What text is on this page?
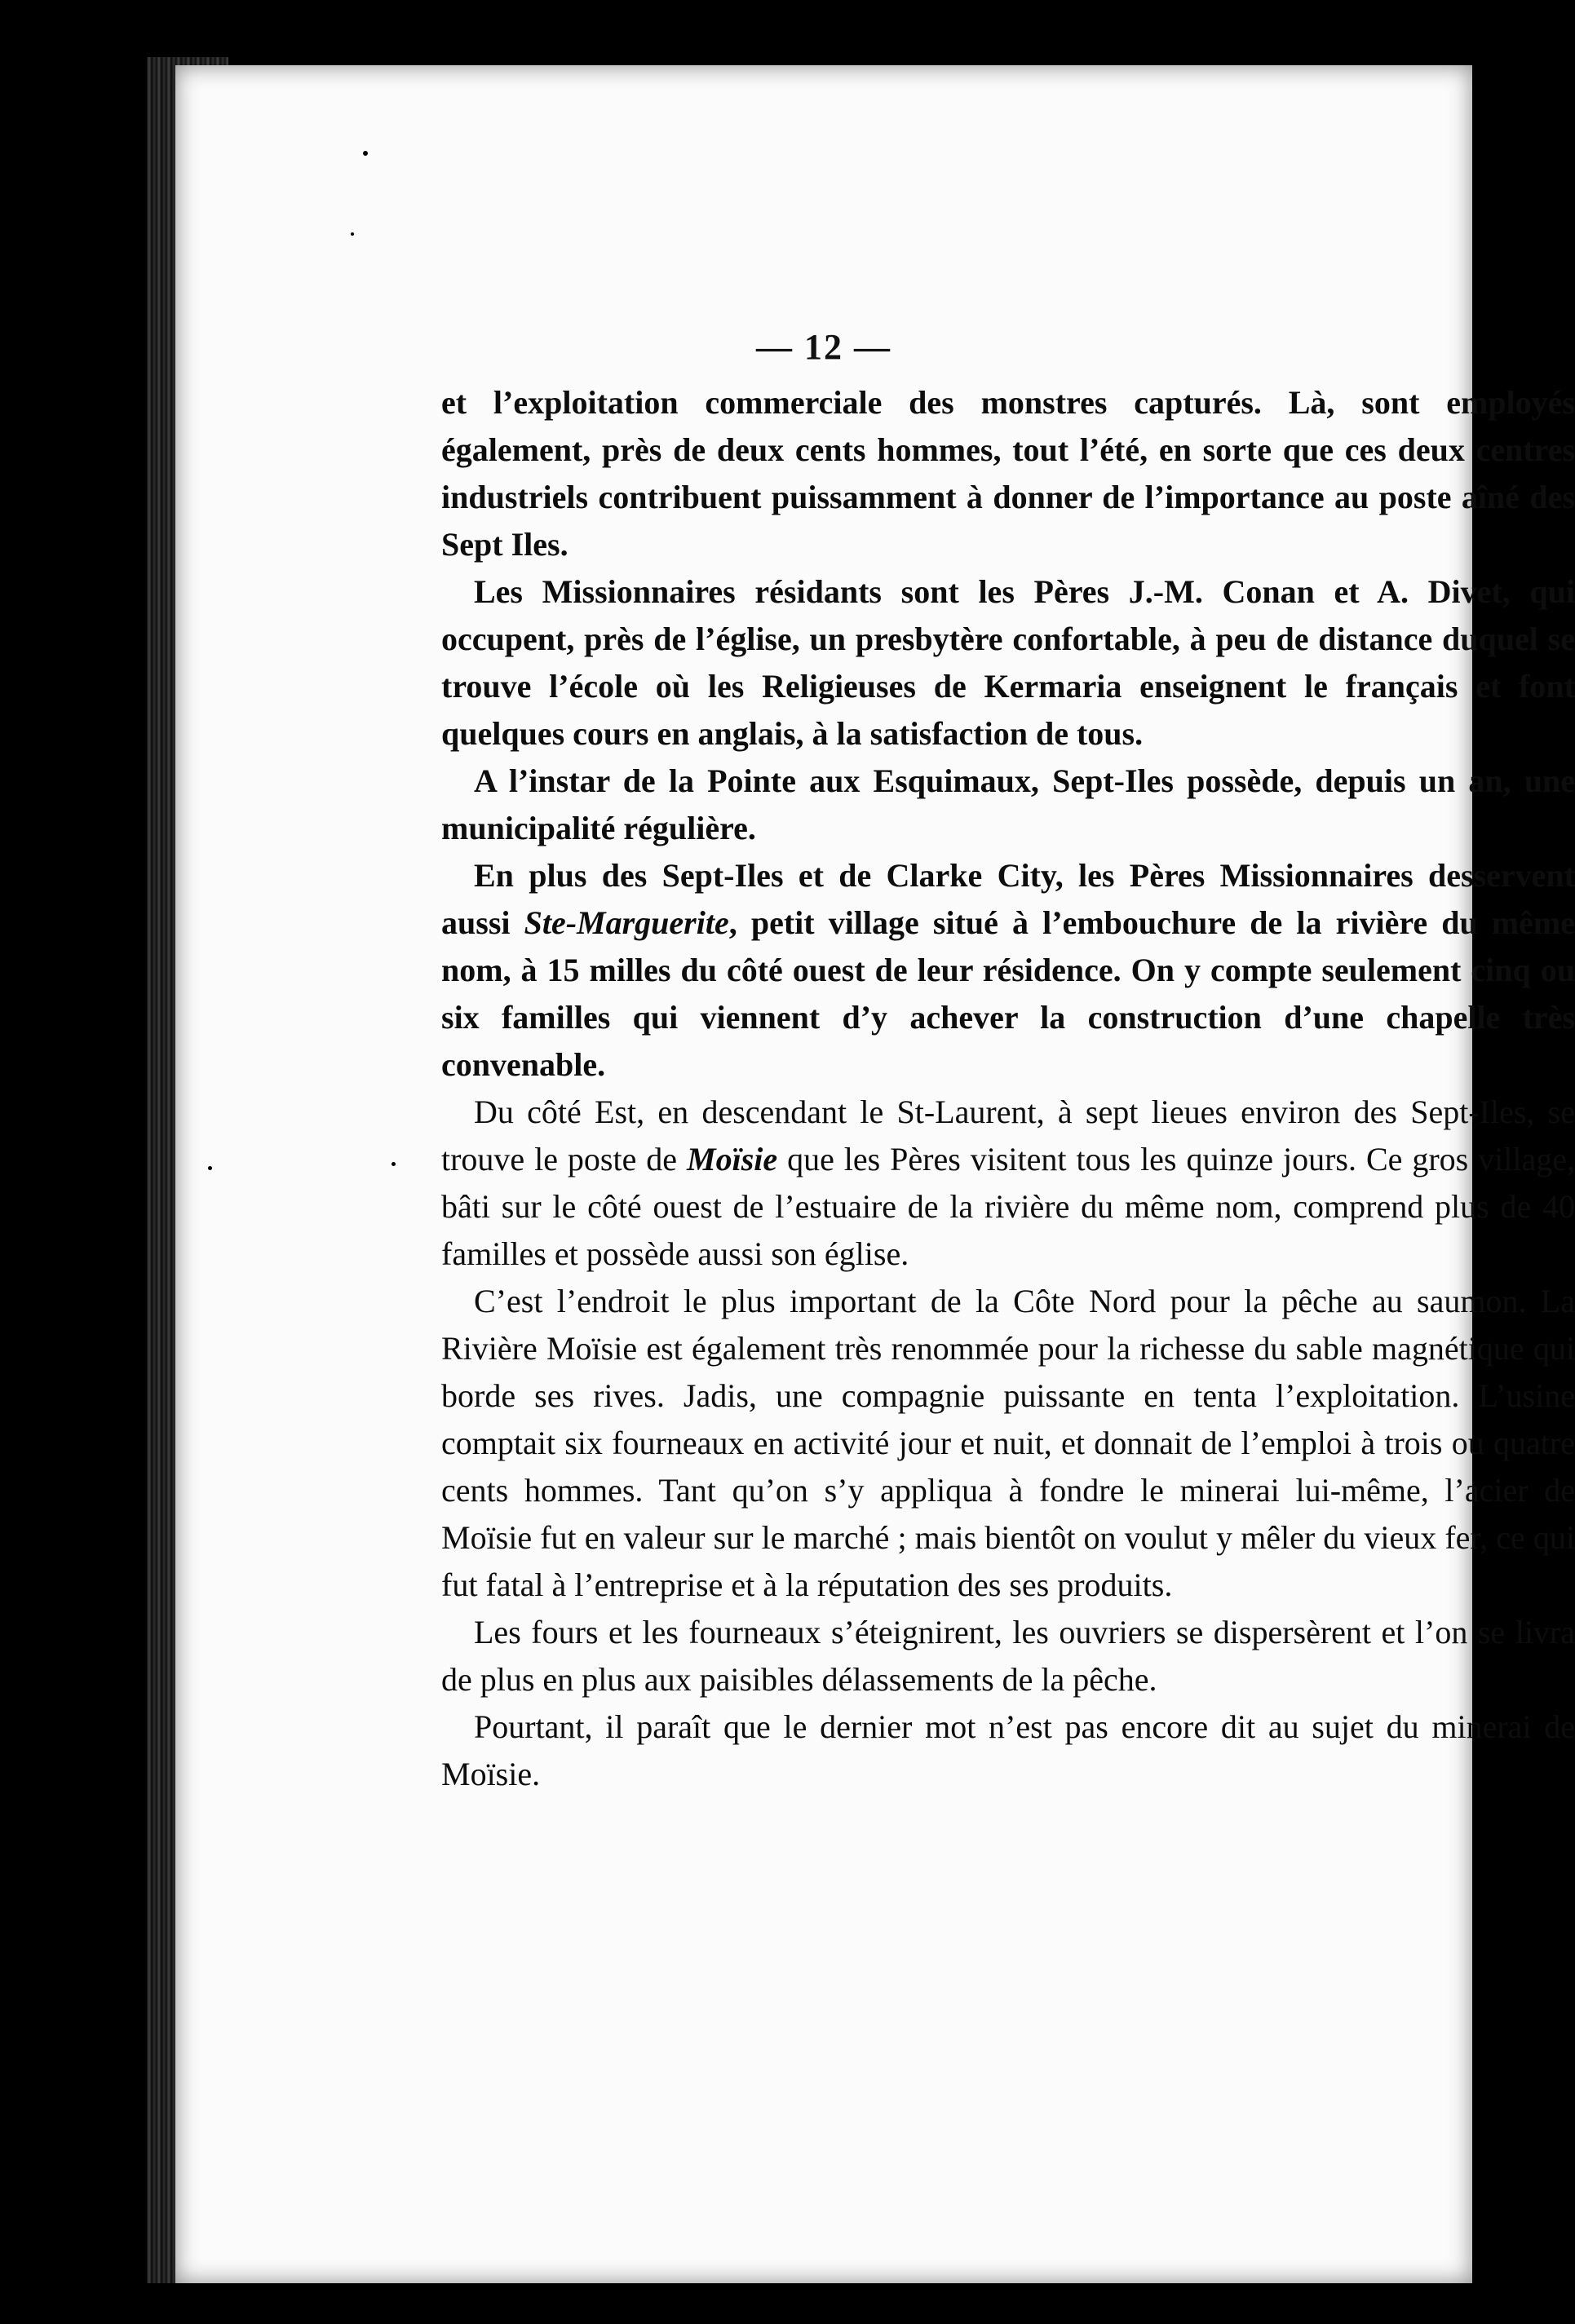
— 12 —

et l’exploitation commerciale des monstres capturés. Là, sont employés également, près de deux cents hommes, tout l’été, en sorte que ces deux centres industriels contribuent puissamment à donner de l’importance au poste aîné des Sept Iles.

Les Missionnaires résidants sont les Pères J.-M. Conan et A. Divet, qui occupent, près de l’église, un presbytère confortable, à peu de distance duquel se trouve l’école où les Religieuses de Kermaria enseignent le français et font quelques cours en anglais, à la satisfaction de tous.

A l’instar de la Pointe aux Esquimaux, Sept-Iles possède, depuis un an, une municipalité régulière.

En plus des Sept-Iles et de Clarke City, les Pères Missionnaires desservent aussi Ste-Marguerite, petit village situé à l’embouchure de la rivière du même nom, à 15 milles du côté ouest de leur résidence. On y compte seulement cinq ou six familles qui viennent d’y achever la construction d’une chapelle très convenable.

Du côté Est, en descendant le St-Laurent, à sept lieues environ des Sept-Iles, se trouve le poste de Moïsie que les Pères visitent tous les quinze jours. Ce gros village, bâti sur le côté ouest de l’estuaire de la rivière du même nom, comprend plus de 40 familles et possède aussi son église.

C’est l’endroit le plus important de la Côte Nord pour la pêche au saumon. La Rivière Moïsie est également très renommée pour la richesse du sable magnétique qui borde ses rives. Jadis, une compagnie puissante en tenta l’exploitation. L’usine comptait six fourneaux en activité jour et nuit, et donnait de l’emploi à trois ou quatre cents hommes. Tant qu’on s’y appliqua à fondre le minerai lui-même, l’acier de Moïsie fut en valeur sur le marché ; mais bientôt on voulut y mêler du vieux fer, ce qui fut fatal à l’entreprise et à la réputation des ses produits.

Les fours et les fourneaux s’éteignirent, les ouvriers se dispersèrent et l’on se livra de plus en plus aux paisibles délassements de la pêche.

Pourtant, il paraît que le dernier mot n’est pas encore dit au sujet du minerai de Moïsie.
